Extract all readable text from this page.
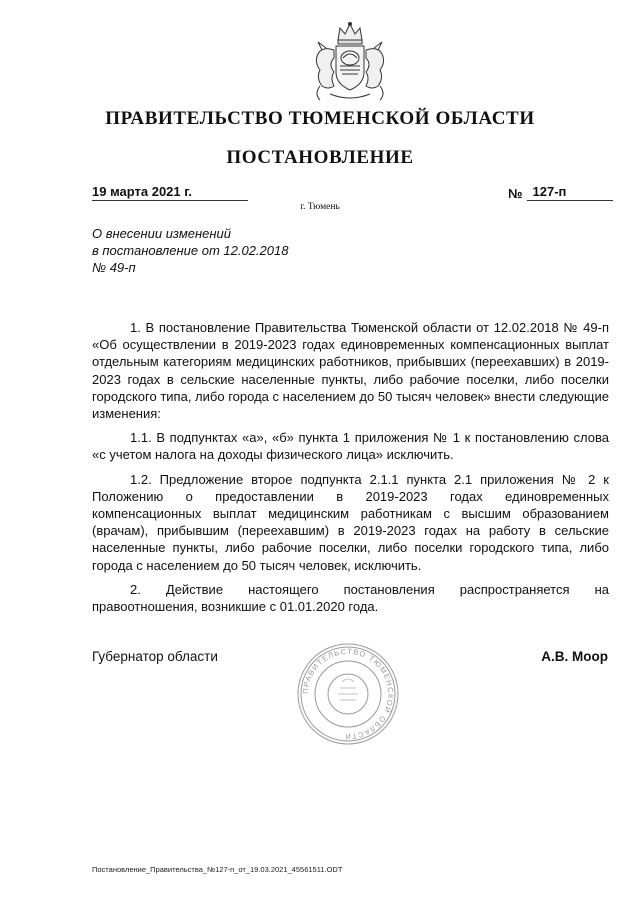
ПРАВИТЕЛЬСТВО ТЮМЕНСКОЙ ОБЛАСТИ
ПОСТАНОВЛЕНИЕ
19 марта 2021 г.	№ 127-п
г. Тюмень
О внесении изменений
в постановление от 12.02.2018
№ 49-п

1. В постановление Правительства Тюменской области от 12.02.2018 № 49-п «Об осуществлении в 2019-2023 годах единовременных компенсационных выплат отдельным категориям медицинских работников, прибывших (переехавших) в 2019-2023 годах в сельские населенные пункты, либо рабочие поселки, либо поселки городского типа, либо города с населением до 50 тысяч человек» внести следующие изменения:

1.1. В подпунктах «а», «б» пункта 1 приложения № 1 к постановлению слова «с учетом налога на доходы физического лица» исключить.

1.2. Предложение второе подпункта 2.1.1 пункта 2.1 приложения № 2 к Положению о предоставлении в 2019-2023 годах единовременных компенсационных выплат медицинским работникам с высшим образованием (врачам), прибывшим (переехавшим) в 2019-2023 годах на работу в сельские населенные пункты, либо рабочие поселки, либо поселки городского типа, либо города с населением до 50 тысяч человек, исключить.

2. Действие настоящего постановления распространяется на правоотношения, возникшие с 01.01.2020 года.

Губернатор области
ПРАВИТЕЛЬСТВО ТЮМЕНСКОЙ ОБЛАСТИ
А.В. Моор
Постановление_Правительства_№127-п_от_19.03.2021_45561511.ODT
